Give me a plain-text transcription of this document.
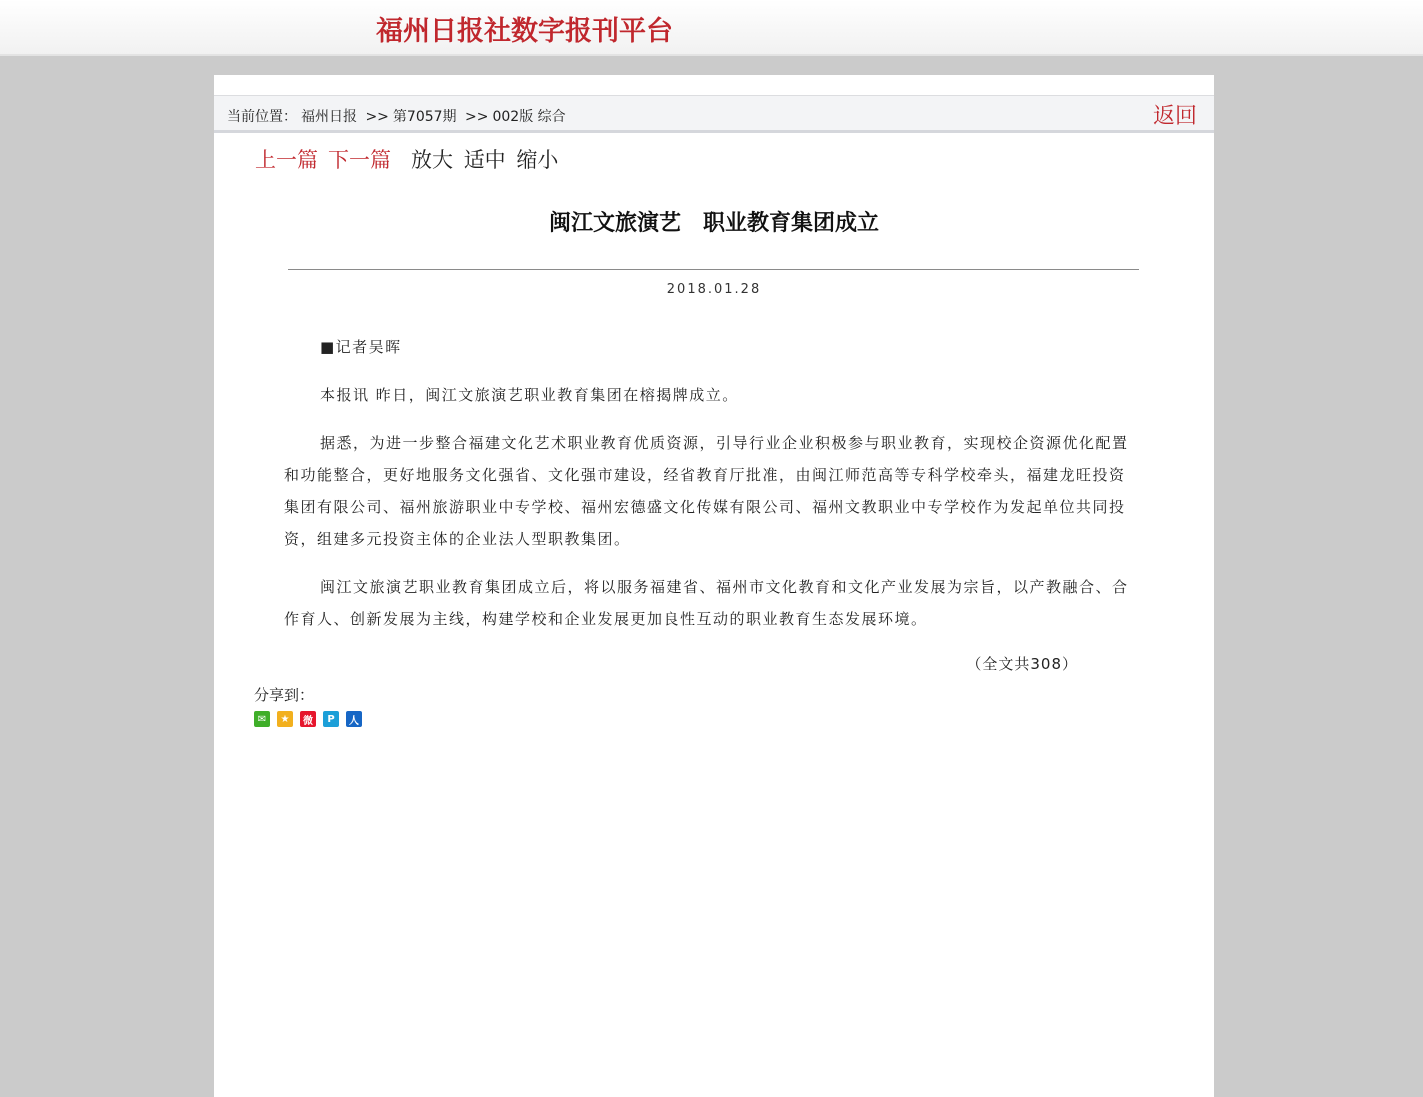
福州日报社数字报刊平台
当前位置： 福州日报 >> 第7057期 >> 002版 综合	返回
上一篇 下一篇 放大 适中 缩小
闽江文旅演艺　职业教育集团成立
2018.01.28

■记者吴晖

本报讯 昨日，闽江文旅演艺职业教育集团在榕揭牌成立。

据悉，为进一步整合福建文化艺术职业教育优质资源，引导行业企业积极参与职业教育，实现校企资源优化配置和功能整合，更好地服务文化强省、文化强市建设，经省教育厅批准，由闽江师范高等专科学校牵头，福建龙旺投资集团有限公司、福州旅游职业中专学校、福州宏德盛文化传媒有限公司、福州文教职业中专学校作为发起单位共同投资，组建多元投资主体的企业法人型职教集团。

闽江文旅演艺职业教育集团成立后，将以服务福建省、福州市文化教育和文化产业发展为宗旨，以产教融合、合作育人、创新发展为主线，构建学校和企业发展更加良性互动的职业教育生态发展环境。

（全文共308）
分享到：
✉	★	微	P	人
